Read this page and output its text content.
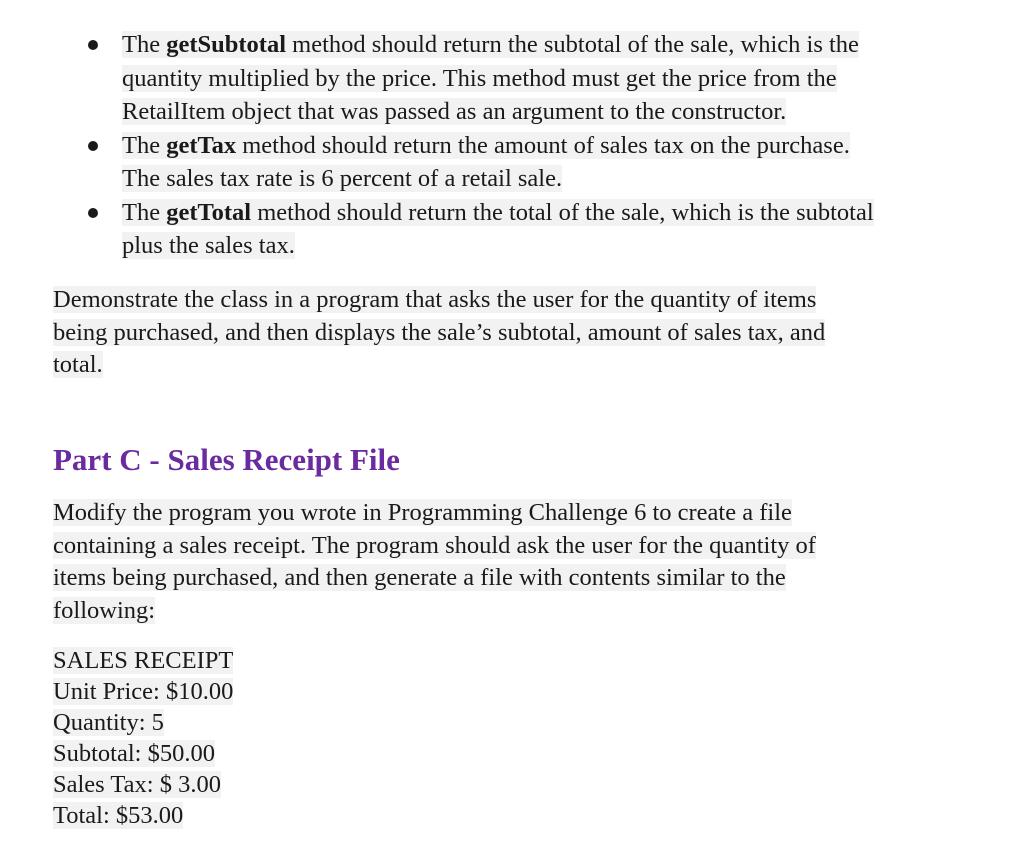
The getSubtotal method should return the subtotal of the sale, which is the
quantity multiplied by the price. This method must get the price from the
RetailItem object that was passed as an argument to the constructor.
The getTax method should return the amount of sales tax on the purchase.
The sales tax rate is 6 percent of a retail sale.
The getTotal method should return the total of the sale, which is the subtotal
plus the sales tax.

Demonstrate the class in a program that asks the user for the quantity of items
being purchased, and then displays the sale’s subtotal, amount of sales tax, and
total.

Part C - Sales Receipt File

Modify the program you wrote in Programming Challenge 6 to create a file
containing a sales receipt. The program should ask the user for the quantity of
items being purchased, and then generate a file with contents similar to the
following:

SALES RECEIPT
Unit Price: $10.00
Quantity: 5
Subtotal: $50.00
Sales Tax: $ 3.00
Total: $53.00
